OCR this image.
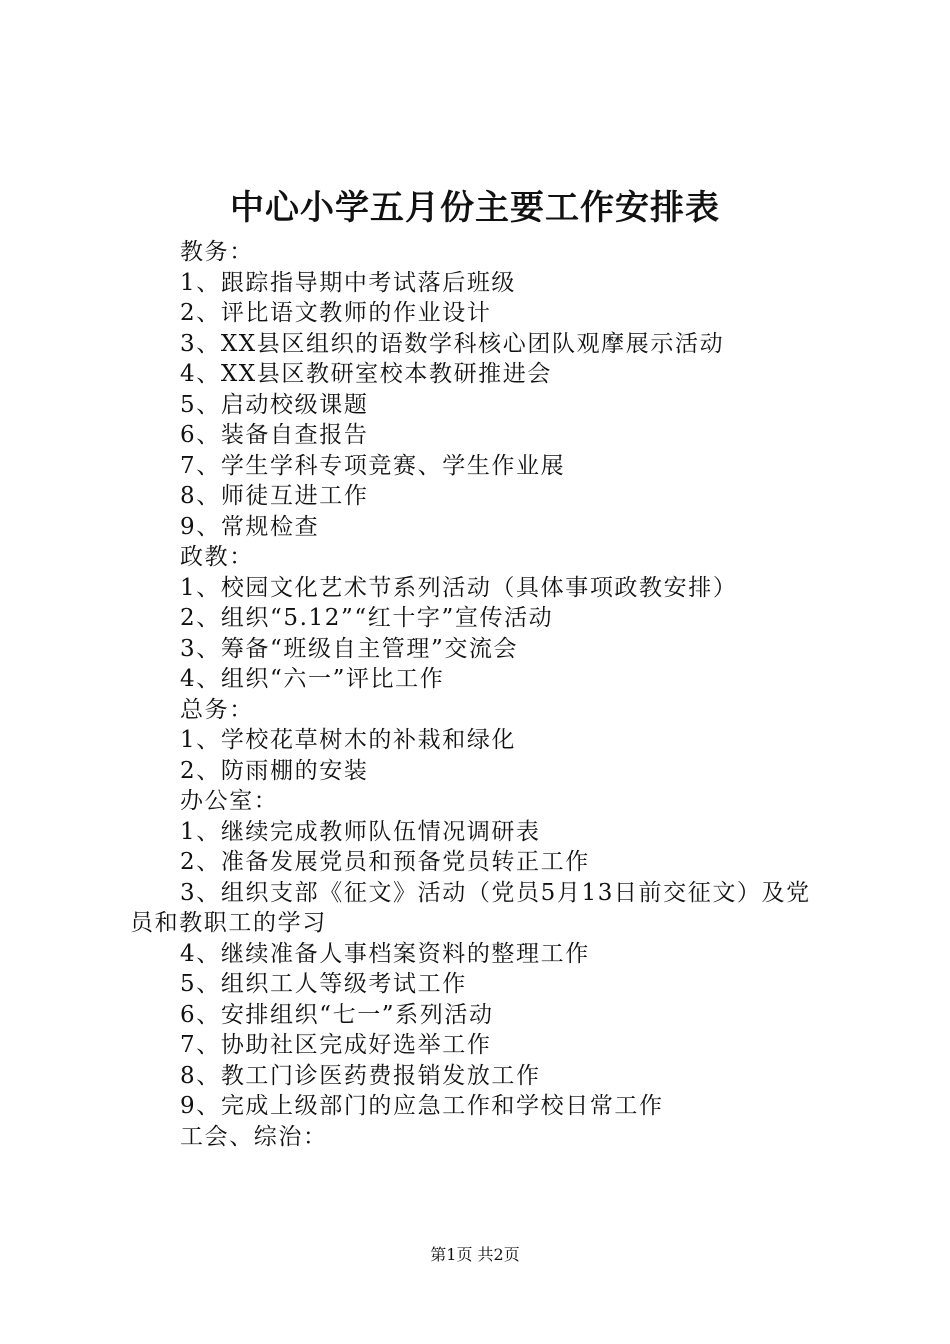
中心小学五月份主要工作安排表
教务：
1、跟踪指导期中考试落后班级
2、评比语文教师的作业设计
3、XX县区组织的语数学科核心团队观摩展示活动
4、XX县区教研室校本教研推进会
5、启动校级课题
6、装备自查报告
7、学生学科专项竞赛、学生作业展
8、师徒互进工作
9、常规检查
政教：
1、校园文化艺术节系列活动（具体事项政教安排）
2、组织“5.12”“红十字”宣传活动
3、筹备“班级自主管理”交流会
4、组织“六一”评比工作
总务：
1、学校花草树木的补栽和绿化
2、防雨棚的安装
办公室：
1、继续完成教师队伍情况调研表
2、准备发展党员和预备党员转正工作
3、组织支部《征文》活动（党员5月13日前交征文）及党员和教职工的学习
4、继续准备人事档案资料的整理工作
5、组织工人等级考试工作
6、安排组织“七一”系列活动
7、协助社区完成好选举工作
8、教工门诊医药费报销发放工作
9、完成上级部门的应急工作和学校日常工作
工会、综治：
第1页 共2页
